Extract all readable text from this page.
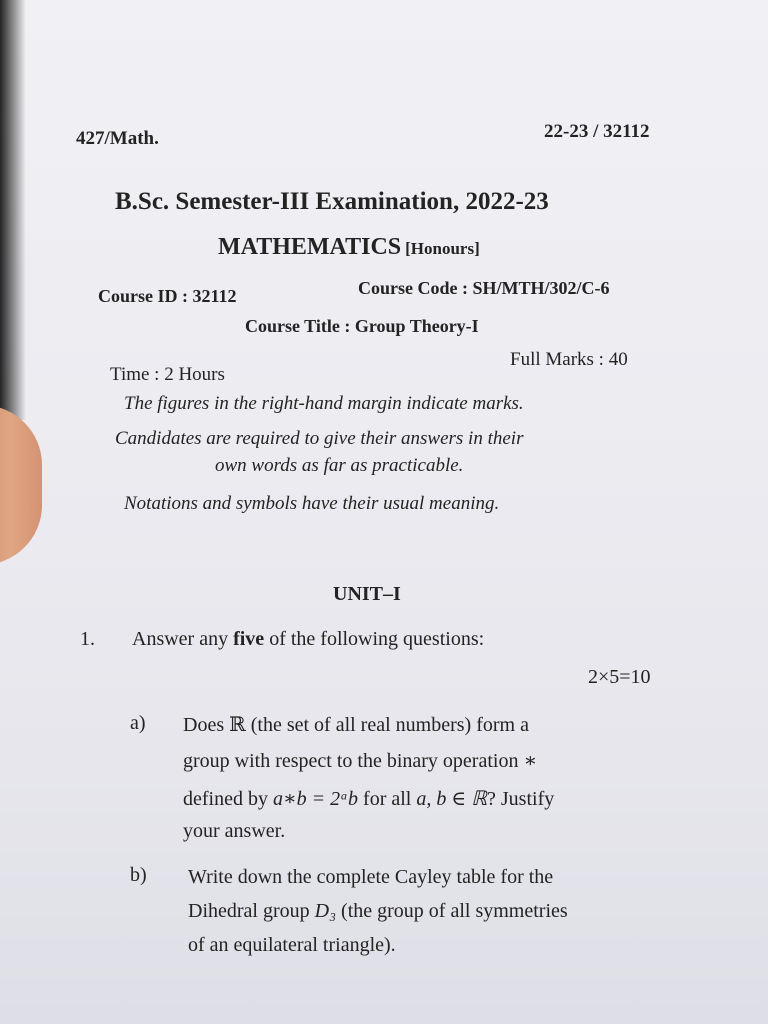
427/Math.	22-23 / 32112
B.Sc. Semester-III Examination, 2022-23
MATHEMATICS [Honours]
Course ID : 32112	Course Code : SH/MTH/302/C-6
Course Title : Group Theory-I
Time : 2 Hours
Full Marks : 40
The figures in the right-hand margin indicate marks.
Candidates are required to give their answers in their
own words as far as practicable.
Notations and symbols have their usual meaning.
UNIT–I
1. Answer any five of the following questions:
2×5=10
a) Does ℝ (the set of all real numbers) form a
group with respect to the binary operation ∗
defined by a∗b = 2ᵃb for all a, b ∈ ℝ? Justify
your answer.
b) Write down the complete Cayley table for the
Dihedral group D₃ (the group of all symmetries
of an equilateral triangle).
